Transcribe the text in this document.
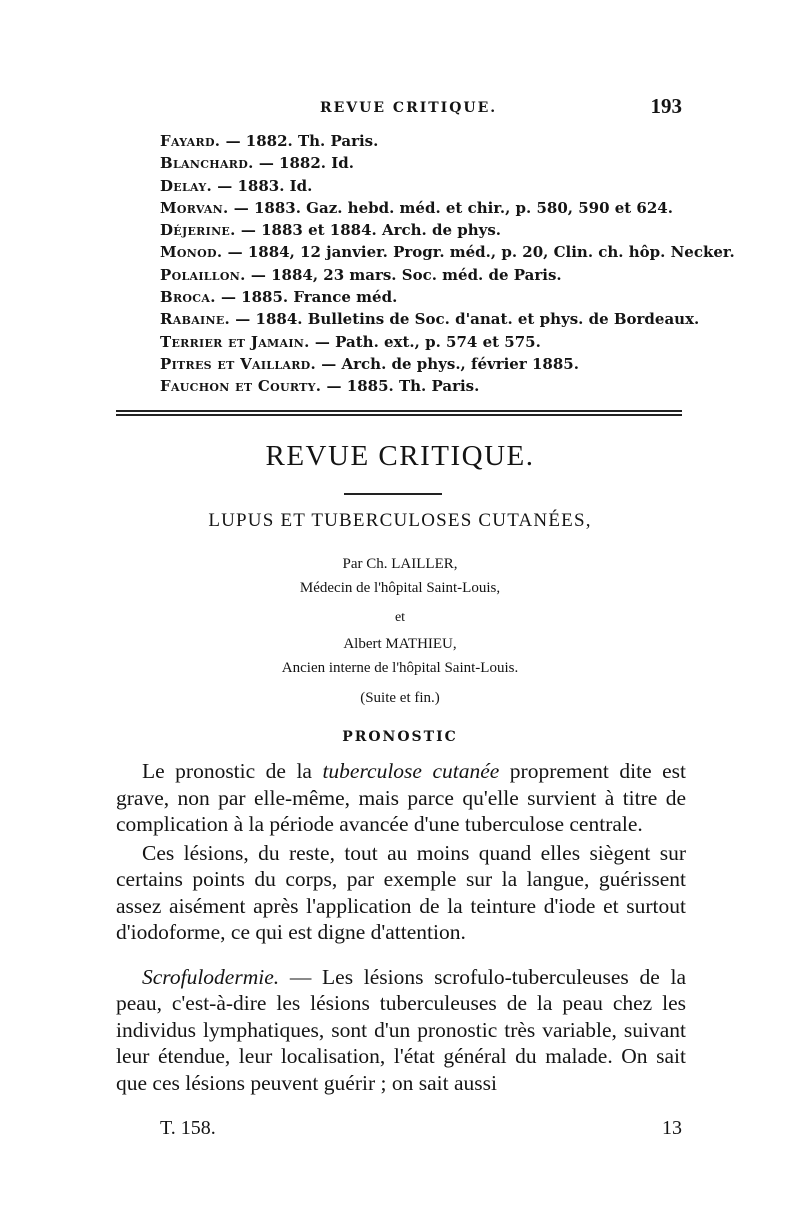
REVUE CRITIQUE.	193
Fayard. — 1882. Th. Paris.
Blanchard. — 1882. Id.
Delay. — 1883. Id.
Morvan. — 1883. Gaz. hebd. méd. et chir., p. 580, 590 et 624.
Déjerine. — 1883 et 1884. Arch. de phys.
Monod. — 1884, 12 janvier. Progr. méd., p. 20, Clin. ch. hôp. Necker.
Polaillon. — 1884, 23 mars. Soc. méd. de Paris.
Broca. — 1885. France méd.
Rabaine. — 1884. Bulletins de Soc. d'anat. et phys. de Bordeaux.
Terrier et Jamain. — Path. ext., p. 574 et 575.
Pitres et Vaillard. — Arch. de phys., février 1885.
Fauchon et Courty. — 1885. Th. Paris.
REVUE CRITIQUE.
LUPUS ET TUBERCULOSES CUTANÉES,
Par Ch. LAILLER,
Médecin de l'hôpital Saint-Louis,
et
Albert MATHIEU,
Ancien interne de l'hôpital Saint-Louis.
(Suite et fin.)
PRONOSTIC

Le pronostic de la tuberculose cutanée proprement dite est grave, non par elle-même, mais parce qu'elle survient à titre de complication à la période avancée d'une tuberculose centrale.

Ces lésions, du reste, tout au moins quand elles siègent sur certains points du corps, par exemple sur la langue, guérissent assez aisément après l'application de la teinture d'iode et surtout d'iodoforme, ce qui est digne d'attention.

Scrofulodermie. — Les lésions scrofulo-tuberculeuses de la peau, c'est-à-dire les lésions tuberculeuses de la peau chez les individus lymphatiques, sont d'un pronostic très variable, suivant leur étendue, leur localisation, l'état général du malade. On sait que ces lésions peuvent guérir ; on sait aussi

T. 158.	13
